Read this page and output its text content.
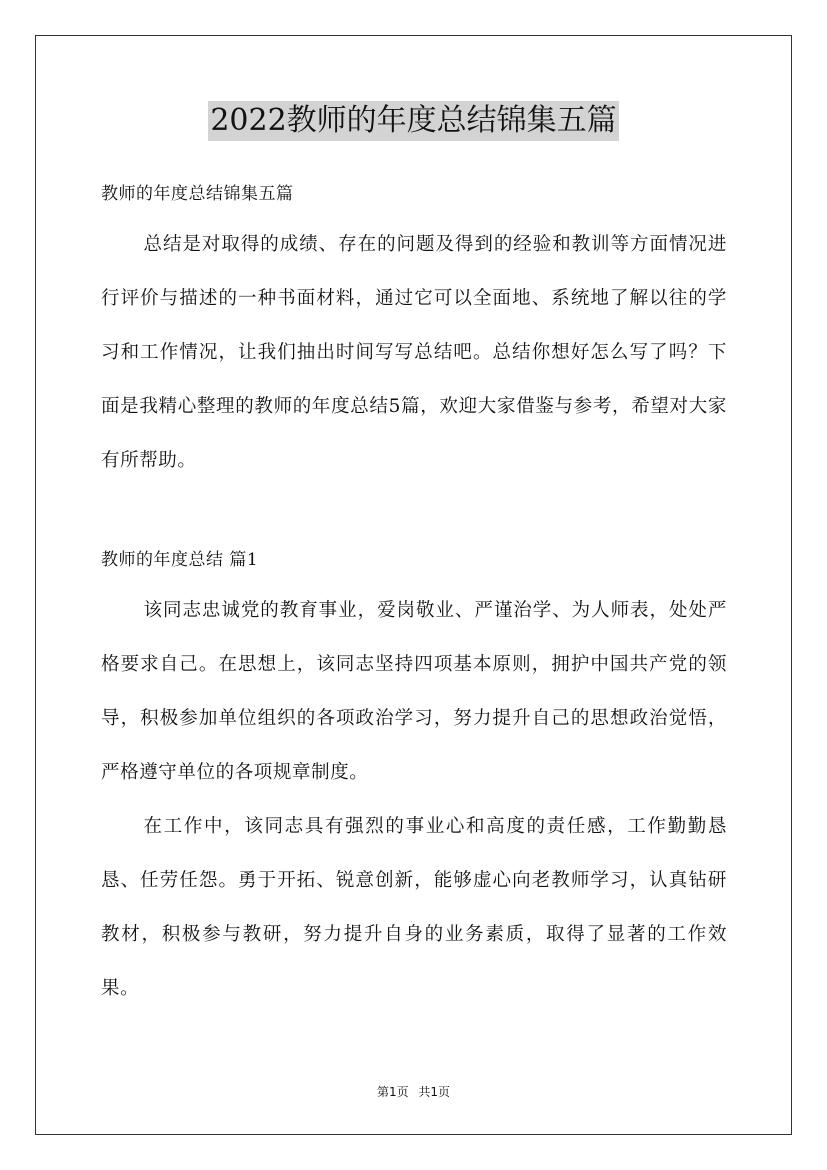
2022教师的年度总结锦集五篇

教师的年度总结锦集五篇

总结是对取得的成绩、存在的问题及得到的经验和教训等方面情况进行评价与描述的一种书面材料，通过它可以全面地、系统地了解以往的学习和工作情况，让我们抽出时间写写总结吧。总结你想好怎么写了吗？下面是我精心整理的教师的年度总结5篇，欢迎大家借鉴与参考，希望对大家有所帮助。

教师的年度总结 篇1

该同志忠诚党的教育事业，爱岗敬业、严谨治学、为人师表，处处严格要求自己。在思想上，该同志坚持四项基本原则，拥护中国共产党的领导，积极参加单位组织的各项政治学习，努力提升自己的思想政治觉悟，严格遵守单位的各项规章制度。

在工作中，该同志具有强烈的事业心和高度的责任感，工作勤勤恳恳、任劳任怨。勇于开拓、锐意创新，能够虚心向老教师学习，认真钻研教材，积极参与教研，努力提升自身的业务素质，取得了显著的工作效果。

第1页 共1页
